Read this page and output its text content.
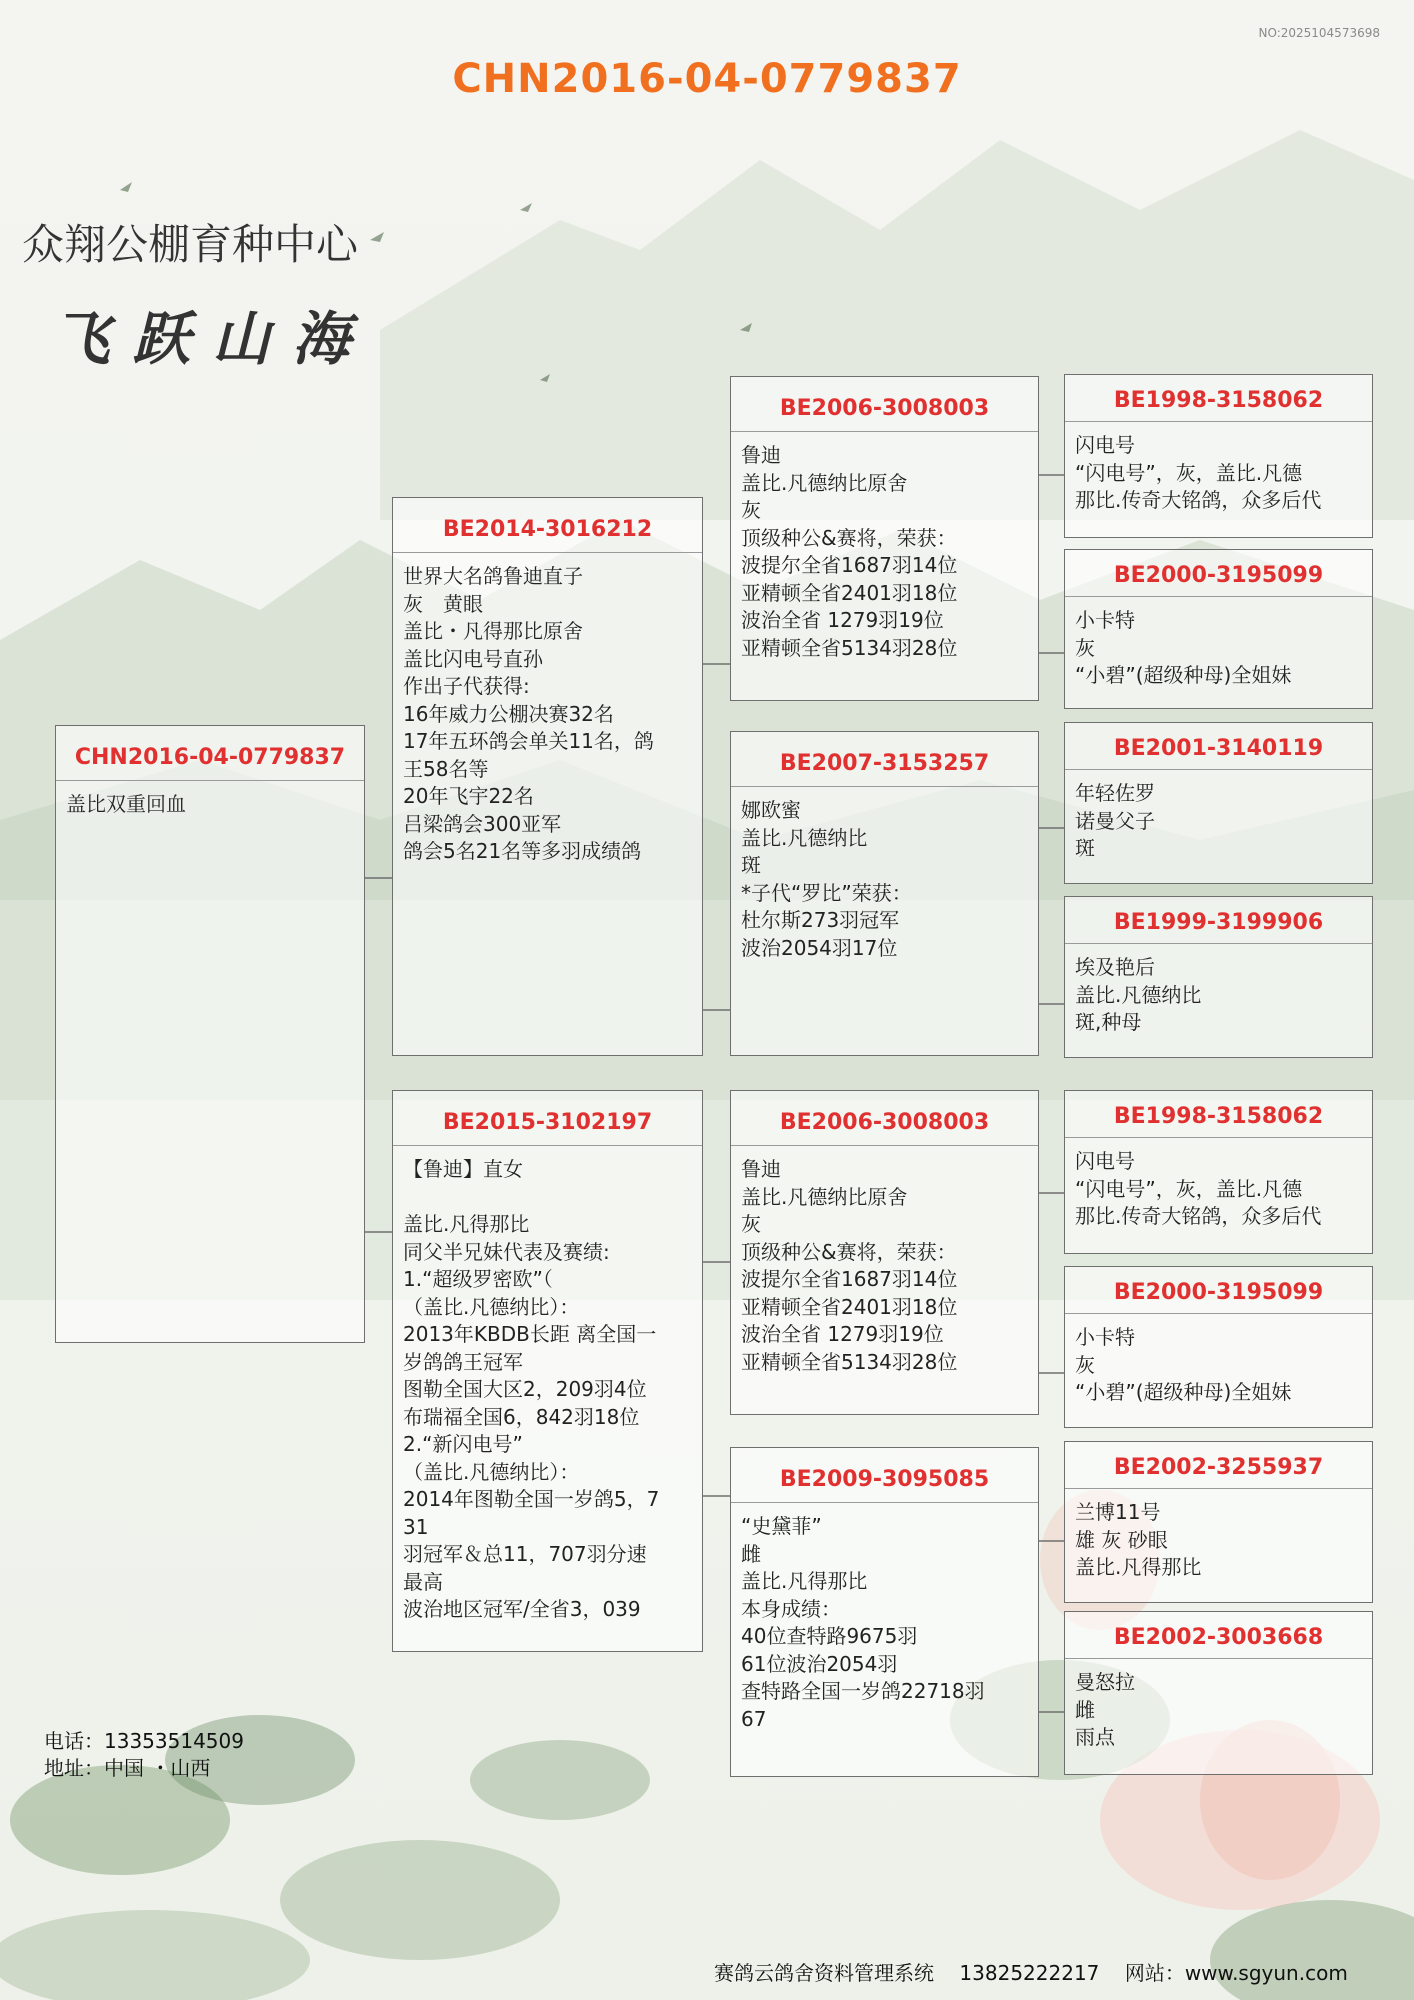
NO:2025104573698
CHN2016-04-0779837
众翔公棚育种中心
飞跃山海
CHN2016-04-0779837
盖比双重回血
BE2014-3016212
世界大名鸽鲁迪直子
灰　黄眼
盖比・凡得那比原舍
盖比闪电号直孙
作出子代获得:
16年威力公棚决赛32名
17年五环鸽会单关11名，鸽
王58名等
20年飞宇22名
吕梁鸽会300亚军
鸽会5名21名等多羽成绩鸽
BE2015-3102197
【鲁迪】直女

盖比.凡得那比
同父半兄妹代表及赛绩:
1.“超级罗密欧”（
（盖比.凡德纳比）：
2013年KBDB长距 离全国一
岁鸽鸽王冠军
图勒全国大区2，209羽4位
布瑞福全国6，842羽18位
2.“新闪电号”
（盖比.凡德纳比）：
2014年图勒全国一岁鸽5，7
31
羽冠军＆总11，707羽分速
最高
波治地区冠军/全省3，039
BE2006-3008003
鲁迪
盖比.凡德纳比原舍
灰
顶级种公&赛将，荣获：
波提尔全省1687羽14位
亚精顿全省2401羽18位
波治全省 1279羽19位
亚精顿全省5134羽28位
BE2007-3153257
娜欧蜜
盖比.凡德纳比
斑
*子代“罗比”荣获：
杜尔斯273羽冠军
波治2054羽17位
BE2006-3008003
鲁迪
盖比.凡德纳比原舍
灰
顶级种公&赛将，荣获：
波提尔全省1687羽14位
亚精顿全省2401羽18位
波治全省 1279羽19位
亚精顿全省5134羽28位
BE2009-3095085
“史黛菲”
雌
盖比.凡得那比
本身成绩：
40位查特路9675羽
61位波治2054羽
查特路全国一岁鸽22718羽
67
BE1998-3158062
闪电号
“闪电号”，灰，盖比.凡德
那比.传奇大铭鸽，众多后代
BE2000-3195099
小卡特
灰
“小碧”(超级种母)全姐妹
BE2001-3140119
年轻佐罗
诺曼父子
斑
BE1999-3199906
埃及艳后
盖比.凡德纳比
斑,种母
BE1998-3158062
闪电号
“闪电号”，灰，盖比.凡德
那比.传奇大铭鸽，众多后代
BE2000-3195099
小卡特
灰
“小碧”(超级种母)全姐妹
BE2002-3255937
兰博11号
雄 灰 砂眼
盖比.凡得那比
BE2002-3003668
曼怒拉
雌
雨点
电话：13353514509
地址：中国 ・山西
赛鸽云鸽舍资料管理系统    13825222217    网站：www.sgyun.com
